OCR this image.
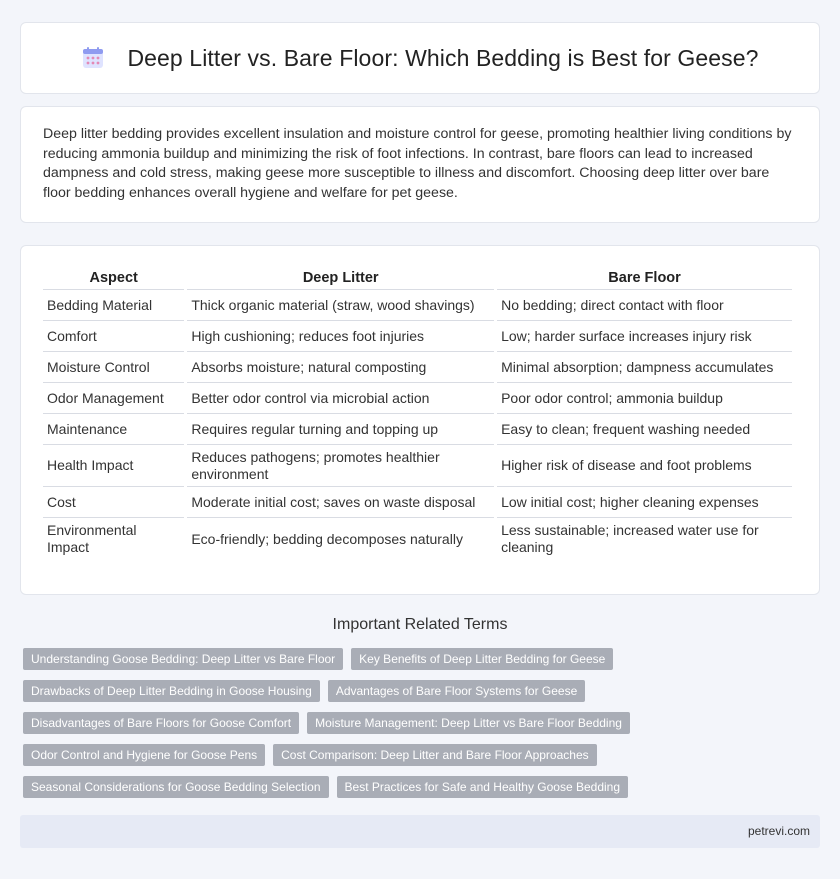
Deep Litter vs. Bare Floor: Which Bedding is Best for Geese?

Deep litter bedding provides excellent insulation and moisture control for geese, promoting healthier living conditions by reducing ammonia buildup and minimizing the risk of foot infections. In contrast, bare floors can lead to increased dampness and cold stress, making geese more susceptible to illness and discomfort. Choosing deep litter over bare floor bedding enhances overall hygiene and welfare for pet geese.

Aspect	Deep Litter	Bare Floor
Bedding Material	Thick organic material (straw, wood shavings)	No bedding; direct contact with floor
Comfort	High cushioning; reduces foot injuries	Low; harder surface increases injury risk
Moisture Control	Absorbs moisture; natural composting	Minimal absorption; dampness accumulates
Odor Management	Better odor control via microbial action	Poor odor control; ammonia buildup
Maintenance	Requires regular turning and topping up	Easy to clean; frequent washing needed
Health Impact	Reduces pathogens; promotes healthier environment	Higher risk of disease and foot problems
Cost	Moderate initial cost; saves on waste disposal	Low initial cost; higher cleaning expenses
Environmental Impact	Eco-friendly; bedding decomposes naturally	Less sustainable; increased water use for cleaning
Important Related Terms
Understanding Goose Bedding: Deep Litter vs Bare Floor	Key Benefits of Deep Litter Bedding for Geese
Drawbacks of Deep Litter Bedding in Goose Housing	Advantages of Bare Floor Systems for Geese
Disadvantages of Bare Floors for Goose Comfort	Moisture Management: Deep Litter vs Bare Floor Bedding
Odor Control and Hygiene for Goose Pens	Cost Comparison: Deep Litter and Bare Floor Approaches
Seasonal Considerations for Goose Bedding Selection	Best Practices for Safe and Healthy Goose Bedding
petrevi.com
